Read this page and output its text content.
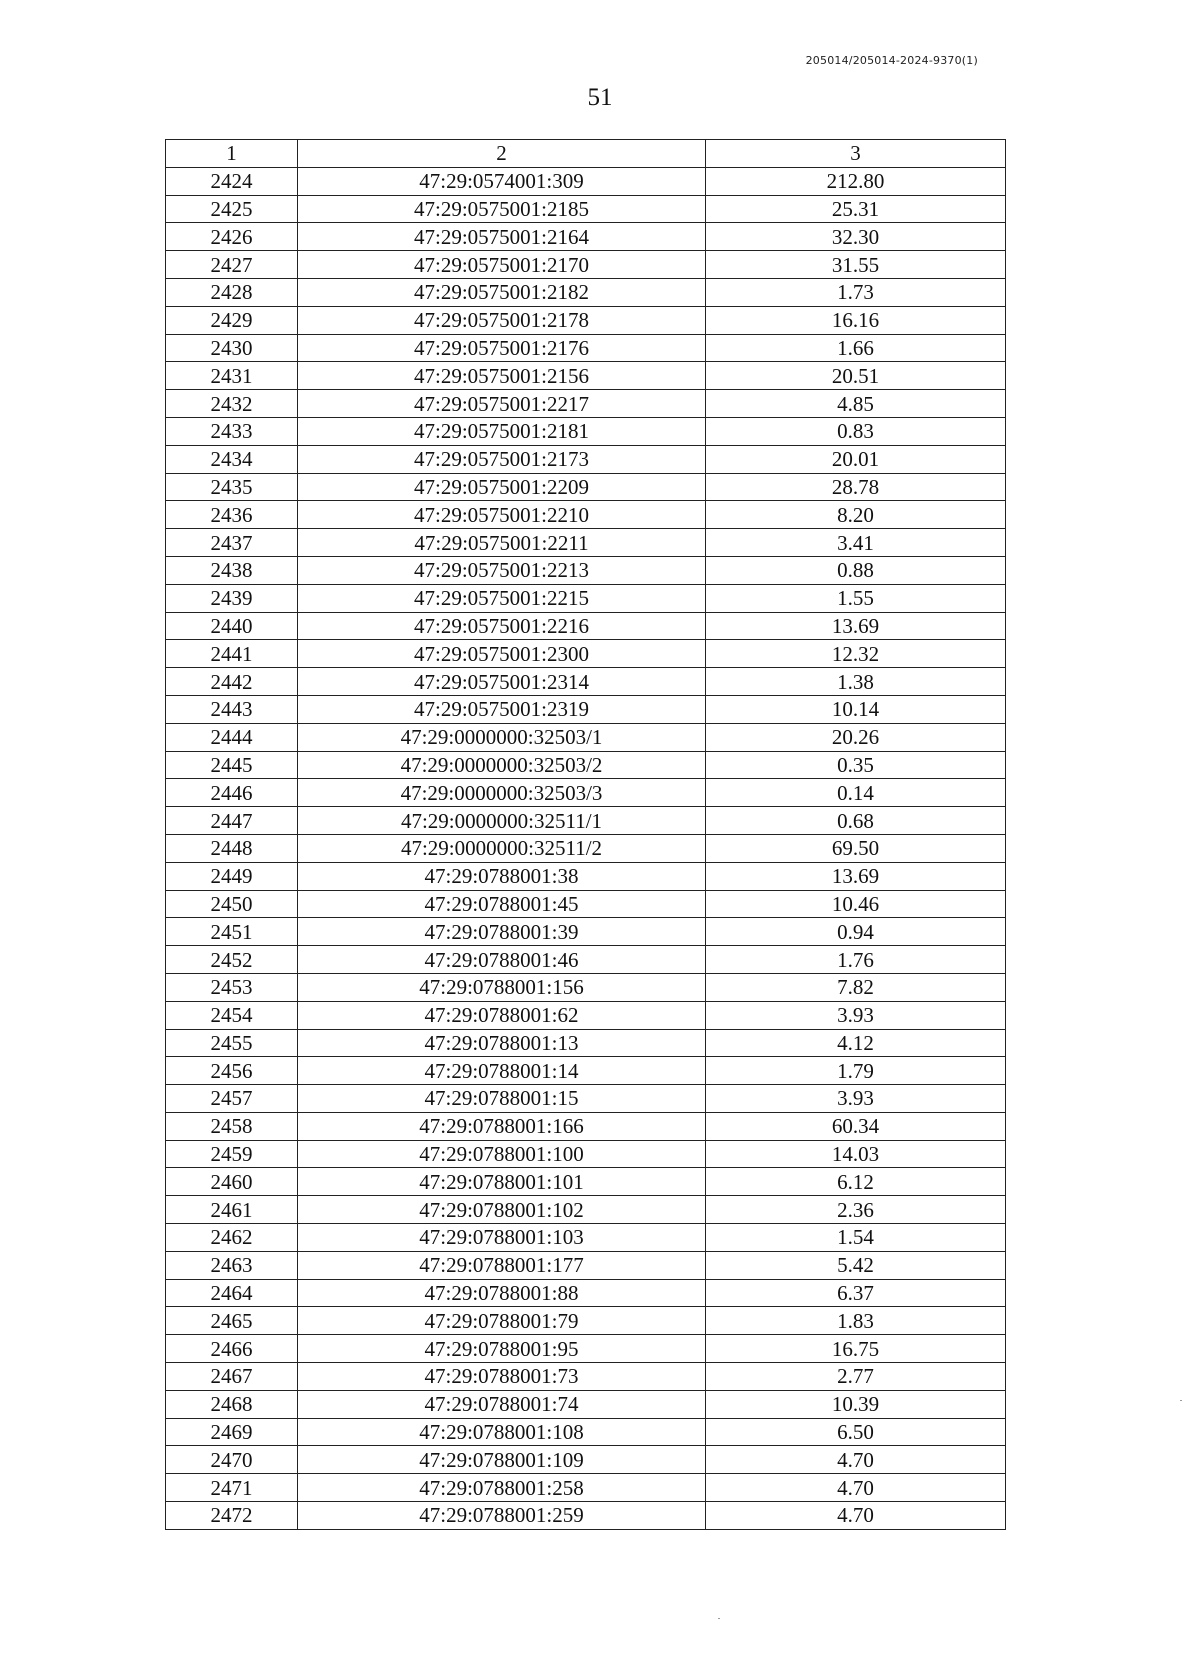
205014/205014-2024-9370(1)
51
1	2	3
2424	47:29:0574001:309	212.80
2425	47:29:0575001:2185	25.31
2426	47:29:0575001:2164	32.30
2427	47:29:0575001:2170	31.55
2428	47:29:0575001:2182	1.73
2429	47:29:0575001:2178	16.16
2430	47:29:0575001:2176	1.66
2431	47:29:0575001:2156	20.51
2432	47:29:0575001:2217	4.85
2433	47:29:0575001:2181	0.83
2434	47:29:0575001:2173	20.01
2435	47:29:0575001:2209	28.78
2436	47:29:0575001:2210	8.20
2437	47:29:0575001:2211	3.41
2438	47:29:0575001:2213	0.88
2439	47:29:0575001:2215	1.55
2440	47:29:0575001:2216	13.69
2441	47:29:0575001:2300	12.32
2442	47:29:0575001:2314	1.38
2443	47:29:0575001:2319	10.14
2444	47:29:0000000:32503/1	20.26
2445	47:29:0000000:32503/2	0.35
2446	47:29:0000000:32503/3	0.14
2447	47:29:0000000:32511/1	0.68
2448	47:29:0000000:32511/2	69.50
2449	47:29:0788001:38	13.69
2450	47:29:0788001:45	10.46
2451	47:29:0788001:39	0.94
2452	47:29:0788001:46	1.76
2453	47:29:0788001:156	7.82
2454	47:29:0788001:62	3.93
2455	47:29:0788001:13	4.12
2456	47:29:0788001:14	1.79
2457	47:29:0788001:15	3.93
2458	47:29:0788001:166	60.34
2459	47:29:0788001:100	14.03
2460	47:29:0788001:101	6.12
2461	47:29:0788001:102	2.36
2462	47:29:0788001:103	1.54
2463	47:29:0788001:177	5.42
2464	47:29:0788001:88	6.37
2465	47:29:0788001:79	1.83
2466	47:29:0788001:95	16.75
2467	47:29:0788001:73	2.77
2468	47:29:0788001:74	10.39
2469	47:29:0788001:108	6.50
2470	47:29:0788001:109	4.70
2471	47:29:0788001:258	4.70
2472	47:29:0788001:259	4.70
